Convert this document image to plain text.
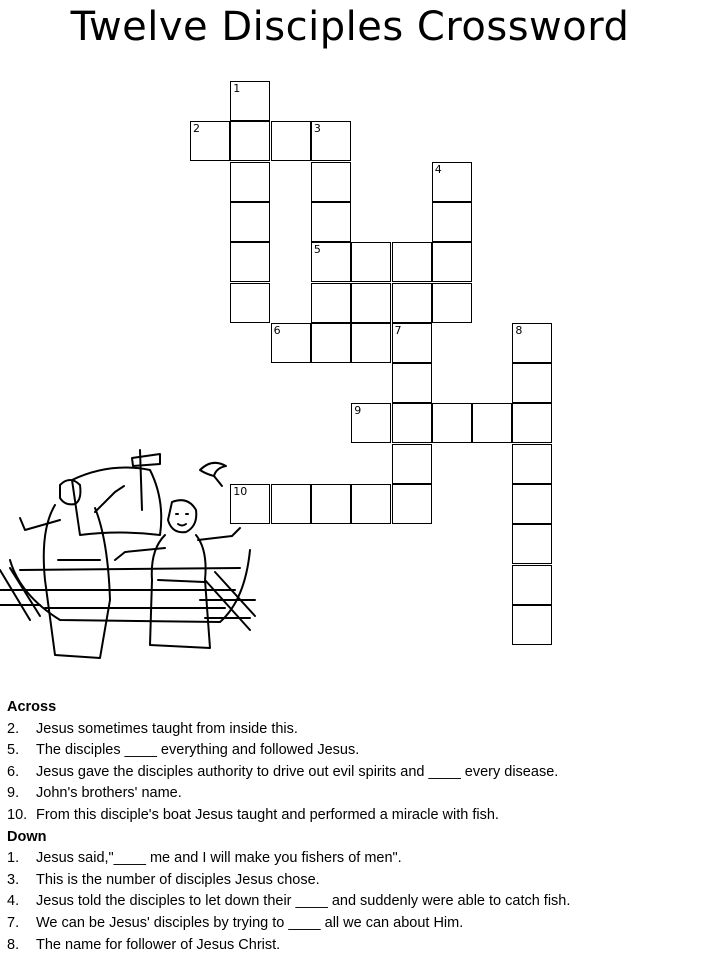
Twelve Disciples Crossword
1
2	3
4
5
6	7	8
9
10
Across
2. Jesus sometimes taught from inside this.
5. The disciples ____ everything and followed Jesus.
6. Jesus gave the disciples authority to drive out evil spirits and ____ every disease.
9. John's brothers' name.
10. From this disciple's boat Jesus taught and performed a miracle with fish.
Down
1. Jesus said,"____ me and I will make you fishers of men".
3. This is the number of disciples Jesus chose.
4. Jesus told the disciples to let down their ____ and suddenly were able to catch fish.
7. We can be Jesus' disciples by trying to ____ all we can about Him.
8. The name for follower of Jesus Christ.
